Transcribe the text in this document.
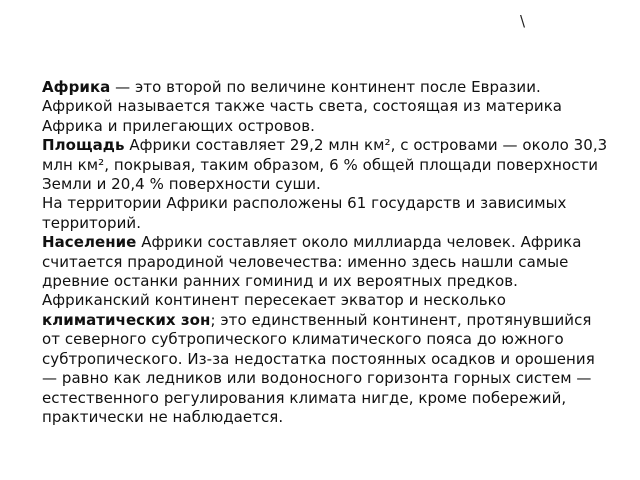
\

Африка — это второй по величине континент после Евразии. Африкой называется также часть света, состоящая из материка Африка и прилегающих островов.

Площадь Африки составляет 29,2 млн км², с островами — около 30,3 млн км², покрывая, таким образом, 6 % общей площади поверхности Земли и 20,4 % поверхности суши.

На территории Африки расположены 61 государств и зависимых территорий.

Население Африки составляет около миллиарда человек. Африка считается прародиной человечества: именно здесь нашли самые древние останки ранних гоминид и их вероятных предков.

Африканский континент пересекает экватор и несколько климатических зон; это единственный континент, протянувшийся от северного субтропического климатического пояса до южного субтропического. Из-за недостатка постоянных осадков и орошения — равно как ледников или водоносного горизонта горных систем — естественного регулирования климата нигде, кроме побережий, практически не наблюдается.
